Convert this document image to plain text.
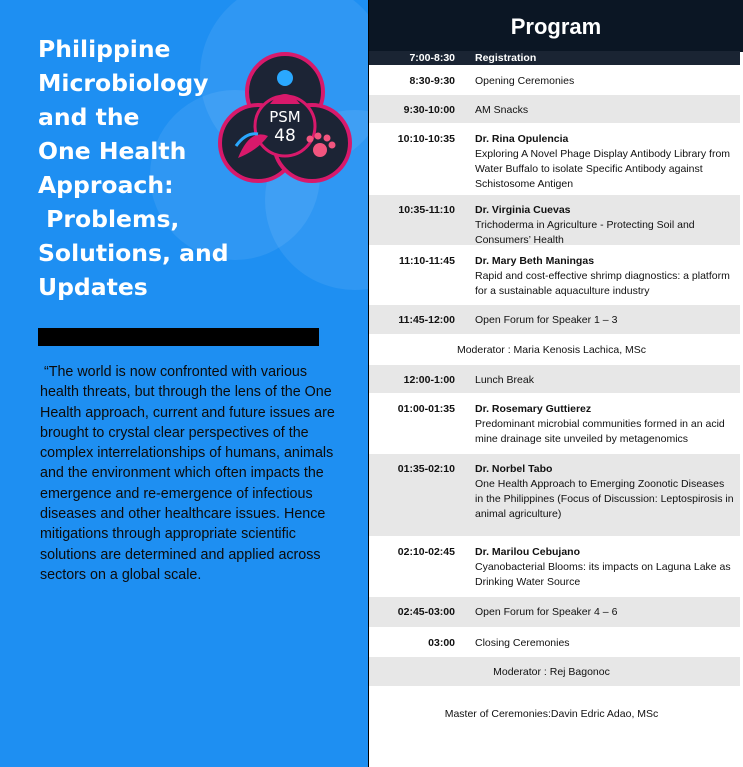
Philippine
Microbiology
and the
One Health
Approach:
Problems,
Solutions, and
Updates
PSM
48

“The world is now confronted with various health threats, but through the lens of the One Health approach, current and future issues are brought to crystal clear perspectives of the complex interrelationships of humans, animals and the environment which often impacts the emergence and re-emergence of infectious diseases and other healthcare issues. Hence mitigations through appropriate scientific solutions are determined and applied across sectors on a global scale.

Program
7:00-8:30	Registration
8:30-9:30	Opening Ceremonies
9:30-10:00	AM Snacks
10:10-10:35 Dr. Rina Opulencia
Exploring A Novel Phage Display Antibody Library from Water Buffalo to isolate Specific Antibody against Schistosome Antigen
10:35-11:10 Dr. Virginia Cuevas
Trichoderma in Agriculture - Protecting Soil and Consumers’ Health
11:10-11:45 Dr. Mary Beth Maningas
Rapid and cost-effective shrimp diagnostics: a platform for a sustainable aquaculture industry
11:45-12:00	Open Forum for Speaker 1 – 3
Moderator : Maria Kenosis Lachica, MSc
12:00-1:00	Lunch Break
01:00-01:35 Dr. Rosemary Guttierez
Predominant microbial communities formed in an acid mine drainage site unveiled by metagenomics
01:35-02:10 Dr. Norbel Tabo
One Health Approach to Emerging Zoonotic Diseases in the Philippines (Focus of Discussion: Leptospirosis in animal agriculture)
02:10-02:45 Dr. Marilou Cebujano
Cyanobacterial Blooms: its impacts on Laguna Lake as Drinking Water Source
02:45-03:00	Open Forum for Speaker 4 – 6
03:00	Closing Ceremonies
Moderator : Rej Bagonoc
Master of Ceremonies:Davin Edric Adao, MSc
